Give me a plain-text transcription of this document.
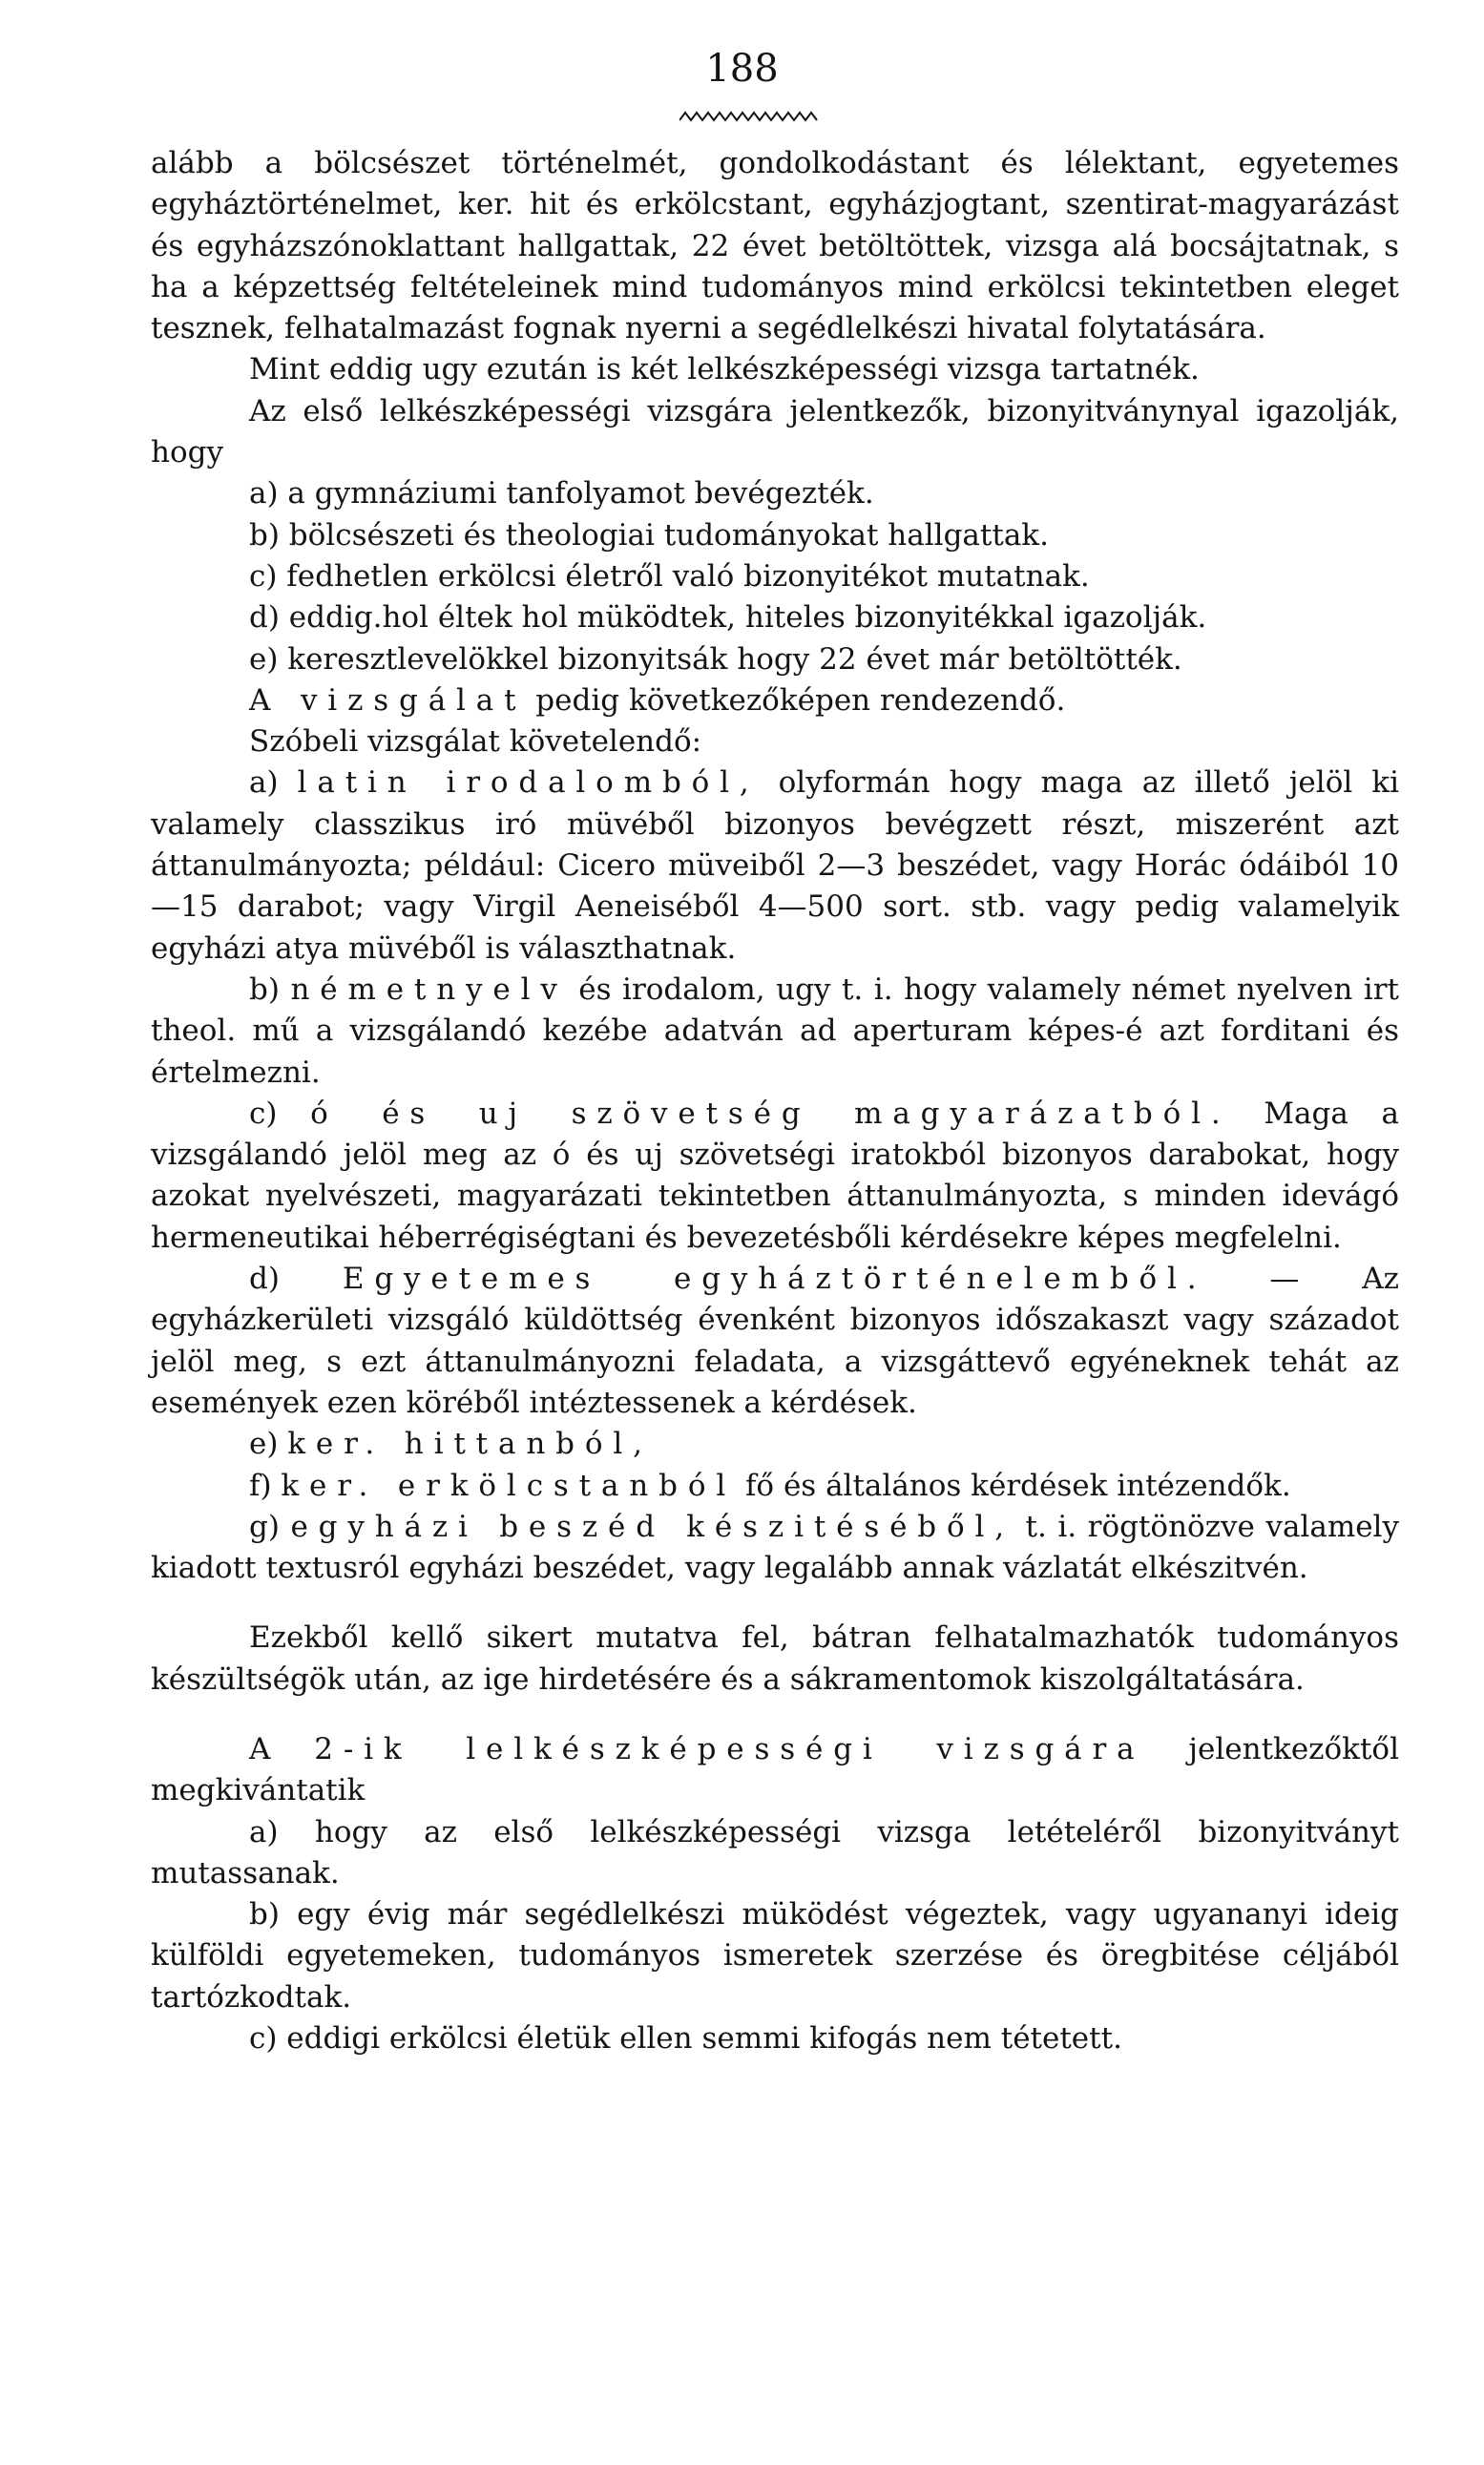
188

alább a bölcsészet történelmét, gondolkodástant és lélektant, egyetemes egyháztörténelmet, ker. hit és erkölcstant, egyházjogtant, szentirat-magyarázást és egyházszónoklattant hallgattak, 22 évet betöltöttek, vizsga alá bocsájtatnak, s ha a képzettség feltételeinek mind tudományos mind erkölcsi tekintetben eleget tesznek, felhatalmazást fognak nyerni a segédlelkészi hivatal folytatására.

Mint eddig ugy ezután is két lelkészképességi vizsga tartatnék.

Az első lelkészképességi vizsgára jelentkezők, bizonyitványnyal igazolják, hogy

a) a gymnáziumi tanfolyamot bevégezték.

b) bölcsészeti és theologiai tudományokat hallgattak.

c) fedhetlen erkölcsi életről való bizonyitékot mutatnak.

d) eddig.hol éltek hol müködtek, hiteles bizonyitékkal igazolják.

e) keresztlevelökkel bizonyitsák hogy 22 évet már betöltötték.

A vizsgálat pedig következőképen rendezendő.

Szóbeli vizsgálat követelendő:

a) latin irodalomból, olyformán hogy maga az illető jelöl ki valamely classzikus iró müvéből bizonyos bevégzett részt, miszerént azt áttanulmányozta; például: Cicero müveiből 2—3 beszédet, vagy Horác ódáiból 10—15 darabot; vagy Virgil Aeneiséből 4—500 sort. stb. vagy pedig valamelyik egyházi atya müvéből is választhatnak.

b) németnyelv és irodalom, ugy t. i. hogy valamely német nyelven irt theol. mű a vizsgálandó kezébe adatván ad aperturam képes-é azt forditani és értelmezni.

c) ó és uj szövetség magyarázatból. Maga a vizsgálandó jelöl meg az ó és uj szövetségi iratokból bizonyos darabokat, hogy azokat nyelvészeti, magyarázati tekintetben áttanulmányozta, s minden idevágó hermeneutikai héberrégiségtani és bevezetésbőli kérdésekre képes megfelelni.

d) Egyetemes egyháztörténelemből. — Az egyházkerületi vizsgáló küldöttség évenként bizonyos időszakaszt vagy századot jelöl meg, s ezt áttanulmányozni feladata, a vizsgáttevő egyéneknek tehát az események ezen köréből intéztessenek a kérdések.

e) ker. hittanból,

f) ker. erkölcstanból fő és általános kérdések intézendők.

g) egyházi beszéd készitéséből, t. i. rögtönözve valamely kiadott textusról egyházi beszédet, vagy legalább annak vázlatát elkészitvén.

Ezekből kellő sikert mutatva fel, bátran felhatalmazhatók tudományos készültségök után, az ige hirdetésére és a sákramentomok kiszolgáltatására.

A 2-ik lelkészképességi vizsgára jelentkezőktől megkivántatik

a) hogy az első lelkészképességi vizsga letételéről bizonyitványt mutassanak.

b) egy évig már segédlelkészi müködést végeztek, vagy ugyananyi ideig külföldi egyetemeken, tudományos ismeretek szerzése és öregbitése céljából tartózkodtak.

c) eddigi erkölcsi életük ellen semmi kifogás nem tétetett.
